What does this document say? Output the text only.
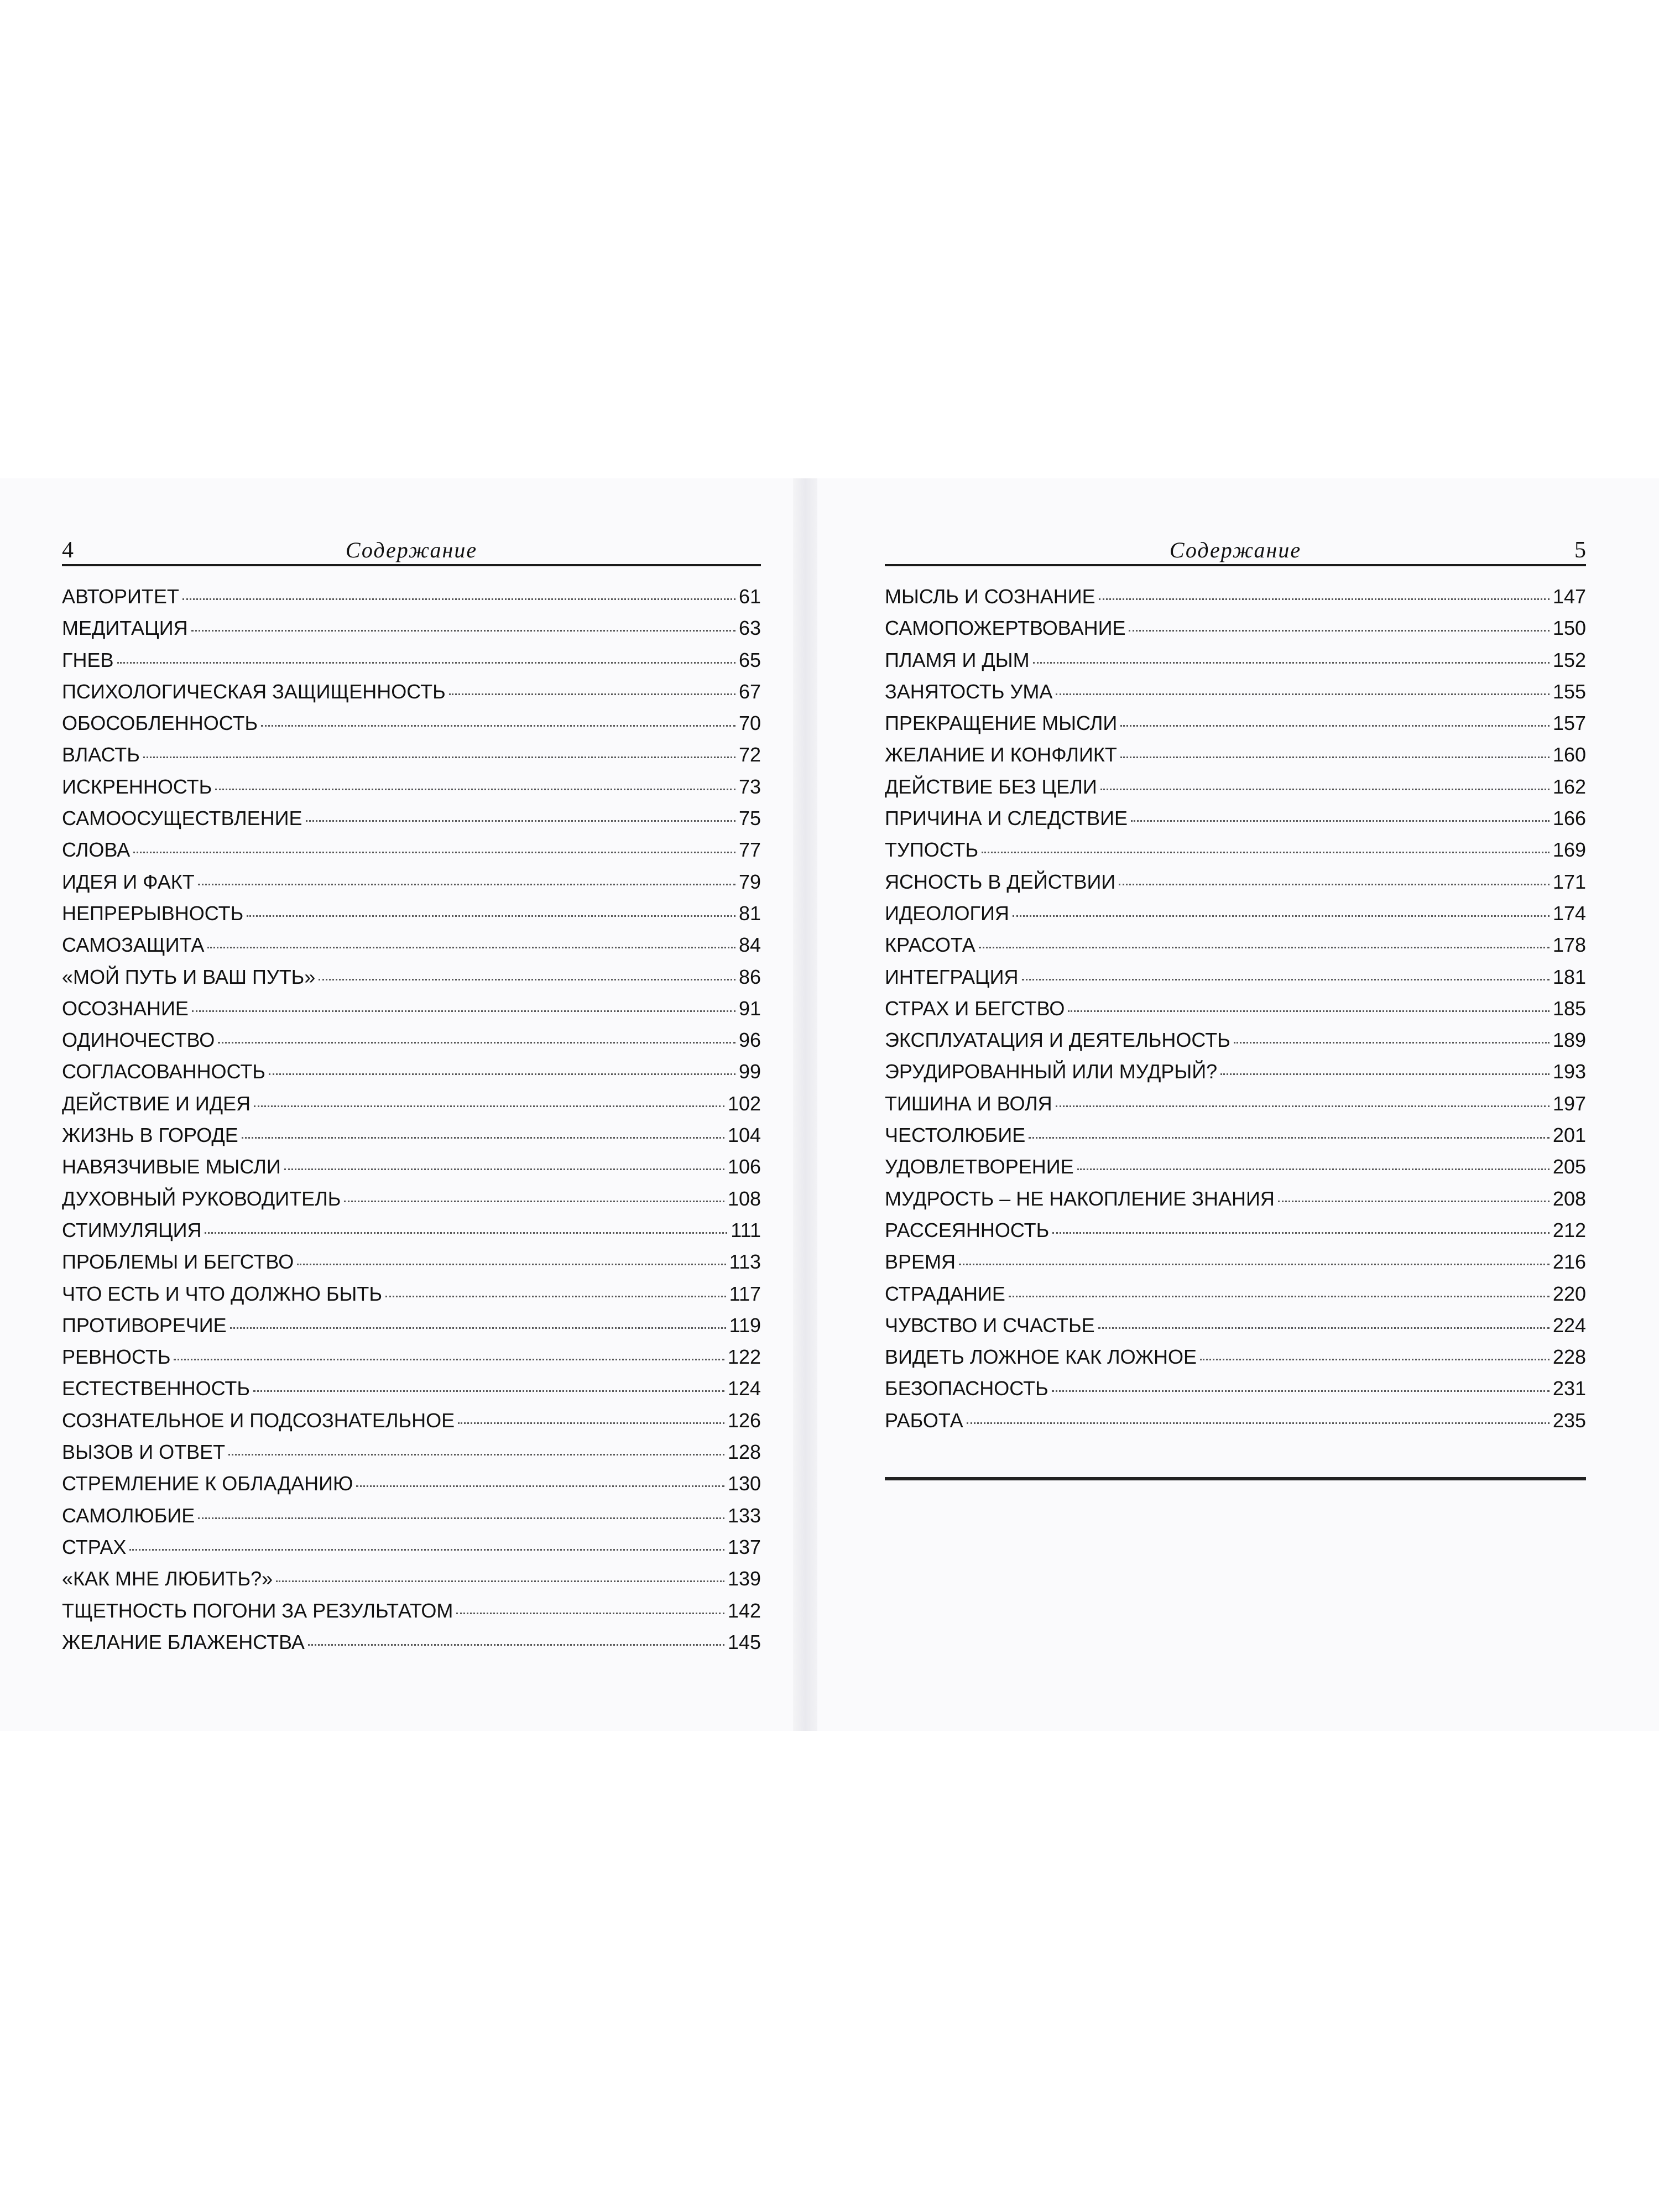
4	Содержание
АВТОРИТЕТ	61
МЕДИТАЦИЯ	63
ГНЕВ	65
ПСИХОЛОГИЧЕСКАЯ ЗАЩИЩЕННОСТЬ	67
ОБОСОБЛЕННОСТЬ	70
ВЛАСТЬ	72
ИСКРЕННОСТЬ	73
САМООСУЩЕСТВЛЕНИЕ	75
СЛОВА	77
ИДЕЯ И ФАКТ	79
НЕПРЕРЫВНОСТЬ	81
САМОЗАЩИТА	84
«МОЙ ПУТЬ И ВАШ ПУТЬ»	86
ОСОЗНАНИЕ	91
ОДИНОЧЕСТВО	96
СОГЛАСОВАННОСТЬ	99
ДЕЙСТВИЕ И ИДЕЯ	102
ЖИЗНЬ В ГОРОДЕ	104
НАВЯЗЧИВЫЕ МЫСЛИ	106
ДУХОВНЫЙ РУКОВОДИТЕЛЬ	108
СТИМУЛЯЦИЯ	111
ПРОБЛЕМЫ И БЕГСТВО	113
ЧТО ЕСТЬ И ЧТО ДОЛЖНО БЫТЬ	117
ПРОТИВОРЕЧИЕ	119
РЕВНОСТЬ	122
ЕСТЕСТВЕННОСТЬ	124
СОЗНАТЕЛЬНОЕ И ПОДСОЗНАТЕЛЬНОЕ	126
ВЫЗОВ И ОТВЕТ	128
СТРЕМЛЕНИЕ К ОБЛАДАНИЮ	130
САМОЛЮБИЕ	133
СТРАХ	137
«КАК МНЕ ЛЮБИТЬ?»	139
ТЩЕТНОСТЬ ПОГОНИ ЗА РЕЗУЛЬТАТОМ	142
ЖЕЛАНИЕ БЛАЖЕНСТВА	145
Содержание	5
МЫСЛЬ И СОЗНАНИЕ	147
САМОПОЖЕРТВОВАНИЕ	150
ПЛАМЯ И ДЫМ	152
ЗАНЯТОСТЬ УМА	155
ПРЕКРАЩЕНИЕ МЫСЛИ	157
ЖЕЛАНИЕ И КОНФЛИКТ	160
ДЕЙСТВИЕ БЕЗ ЦЕЛИ	162
ПРИЧИНА И СЛЕДСТВИЕ	166
ТУПОСТЬ	169
ЯСНОСТЬ В ДЕЙСТВИИ	171
ИДЕОЛОГИЯ	174
КРАСОТА	178
ИНТЕГРАЦИЯ	181
СТРАХ И БЕГСТВО	185
ЭКСПЛУАТАЦИЯ И ДЕЯТЕЛЬНОСТЬ	189
ЭРУДИРОВАННЫЙ ИЛИ МУДРЫЙ?	193
ТИШИНА И ВОЛЯ	197
ЧЕСТОЛЮБИЕ	201
УДОВЛЕТВОРЕНИЕ	205
МУДРОСТЬ – НЕ НАКОПЛЕНИЕ ЗНАНИЯ	208
РАССЕЯННОСТЬ	212
ВРЕМЯ	216
СТРАДАНИЕ	220
ЧУВСТВО И СЧАСТЬЕ	224
ВИДЕТЬ ЛОЖНОЕ КАК ЛОЖНОЕ	228
БЕЗОПАСНОСТЬ	231
РАБОТА	235
